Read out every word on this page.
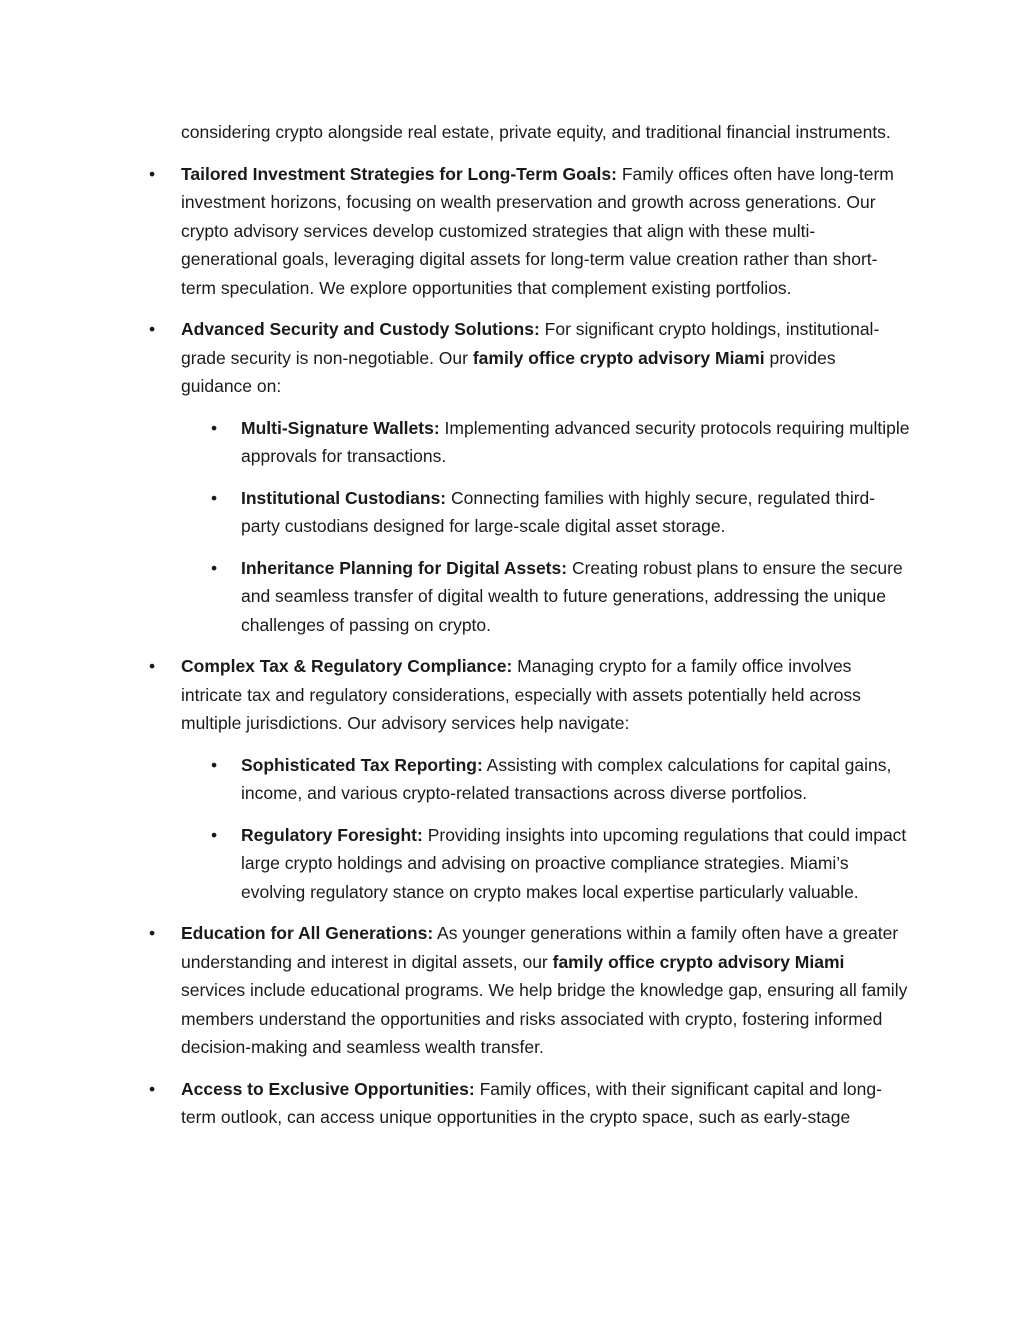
considering crypto alongside real estate, private equity, and traditional financial instruments.

• Tailored Investment Strategies for Long-Term Goals: Family offices often have long-term investment horizons, focusing on wealth preservation and growth across generations. Our crypto advisory services develop customized strategies that align with these multi-generational goals, leveraging digital assets for long-term value creation rather than short-term speculation. We explore opportunities that complement existing portfolios.

• Advanced Security and Custody Solutions: For significant crypto holdings, institutional-grade security is non-negotiable. Our family office crypto advisory Miami provides guidance on:

• Multi-Signature Wallets: Implementing advanced security protocols requiring multiple approvals for transactions.

• Institutional Custodians: Connecting families with highly secure, regulated third-party custodians designed for large-scale digital asset storage.

• Inheritance Planning for Digital Assets: Creating robust plans to ensure the secure and seamless transfer of digital wealth to future generations, addressing the unique challenges of passing on crypto.

• Complex Tax & Regulatory Compliance: Managing crypto for a family office involves intricate tax and regulatory considerations, especially with assets potentially held across multiple jurisdictions. Our advisory services help navigate:

• Sophisticated Tax Reporting: Assisting with complex calculations for capital gains, income, and various crypto-related transactions across diverse portfolios.

• Regulatory Foresight: Providing insights into upcoming regulations that could impact large crypto holdings and advising on proactive compliance strategies. Miami’s evolving regulatory stance on crypto makes local expertise particularly valuable.

• Education for All Generations: As younger generations within a family often have a greater understanding and interest in digital assets, our family office crypto advisory Miami services include educational programs. We help bridge the knowledge gap, ensuring all family members understand the opportunities and risks associated with crypto, fostering informed decision-making and seamless wealth transfer.

• Access to Exclusive Opportunities: Family offices, with their significant capital and long-term outlook, can access unique opportunities in the crypto space, such as early-stage
